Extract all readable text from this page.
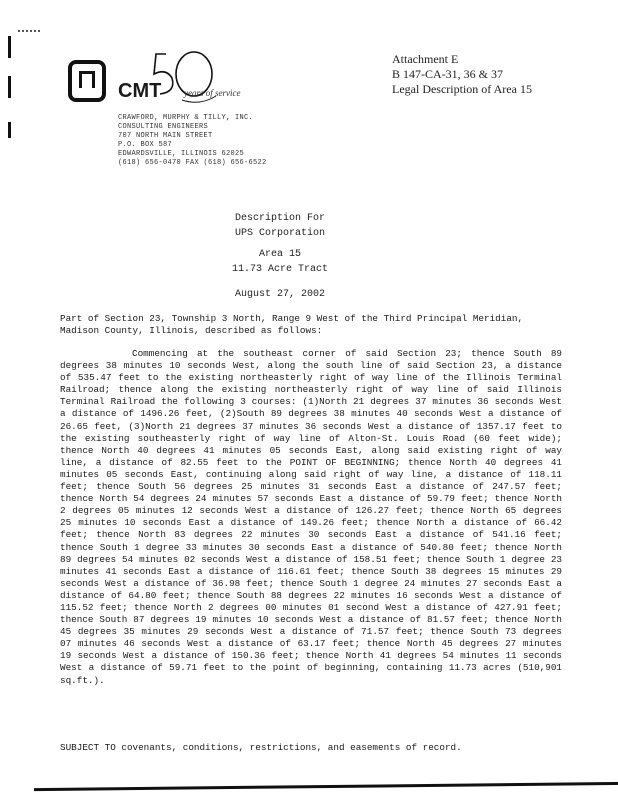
CMT	years of service
CRAWFORD, MURPHY & TILLY, INC.
CONSULTING ENGINEERS
707 NORTH MAIN STREET
P.O. BOX 587
EDWARDSVILLE, ILLINOIS 62025
(618) 656-0470 FAX (618) 656-6522
Attachment E
B 147-CA-31, 36 & 37
Legal Description of Area 15
Description For
UPS Corporation
Area 15
11.73 Acre Tract
August 27, 2002
Part of Section 23, Township 3 North, Range 9 West of the Third Principal Meridian, Madison County, Illinois, described as follows:
Commencing at the southeast corner of said Section 23; thence South 89 degrees 38 minutes 10 seconds West, along the south line of said Section 23, a distance of 535.47 feet to the existing northeasterly right of way line of the Illinois Terminal Railroad; thence along the existing northeasterly right of way line of said Illinois Terminal Railroad the following 3 courses: (1)North 21 degrees 37 minutes 36 seconds West a distance of 1496.26 feet, (2)South 89 degrees 38 minutes 40 seconds West a distance of 26.65 feet, (3)North 21 degrees 37 minutes 36 seconds West a distance of 1357.17 feet to the existing southeasterly right of way line of Alton-St. Louis Road (60 feet wide); thence North 40 degrees 41 minutes 05 seconds East, along said existing right of way line, a distance of 82.55 feet to the POINT OF BEGINNING; thence North 40 degrees 41 minutes 05 seconds East, continuing along said right of way line, a distance of 118.11 feet; thence South 56 degrees 25 minutes 31 seconds East a distance of 247.57 feet; thence North 54 degrees 24 minutes 57 seconds East a distance of 59.79 feet; thence North 2 degrees 05 minutes 12 seconds West a distance of 126.27 feet; thence North 65 degrees 25 minutes 10 seconds East a distance of 149.26 feet; thence North a distance of 66.42 feet; thence North 83 degrees 22 minutes 30 seconds East a distance of 541.16 feet; thence South 1 degree 33 minutes 30 seconds East a distance of 540.80 feet; thence North 89 degrees 54 minutes 02 seconds West a distance of 158.51 feet; thence South 1 degree 23 minutes 41 seconds East a distance of 116.61 feet; thence South 38 degrees 15 minutes 29 seconds West a distance of 36.98 feet; thence South 1 degree 24 minutes 27 seconds East a distance of 64.80 feet; thence South 88 degrees 22 minutes 16 seconds West a distance of 115.52 feet; thence North 2 degrees 00 minutes 01 second West a distance of 427.91 feet; thence South 87 degrees 19 minutes 10 seconds West a distance of 81.57 feet; thence North 45 degrees 35 minutes 29 seconds West a distance of 71.57 feet; thence South 73 degrees 07 minutes 46 seconds West a distance of 63.17 feet; thence North 45 degrees 27 minutes 19 seconds West a distance of 150.36 feet; thence North 41 degrees 54 minutes 11 seconds West a distance of 59.71 feet to the point of beginning, containing 11.73 acres (510,901 sq.ft.).
SUBJECT TO covenants, conditions, restrictions, and easements of record.
